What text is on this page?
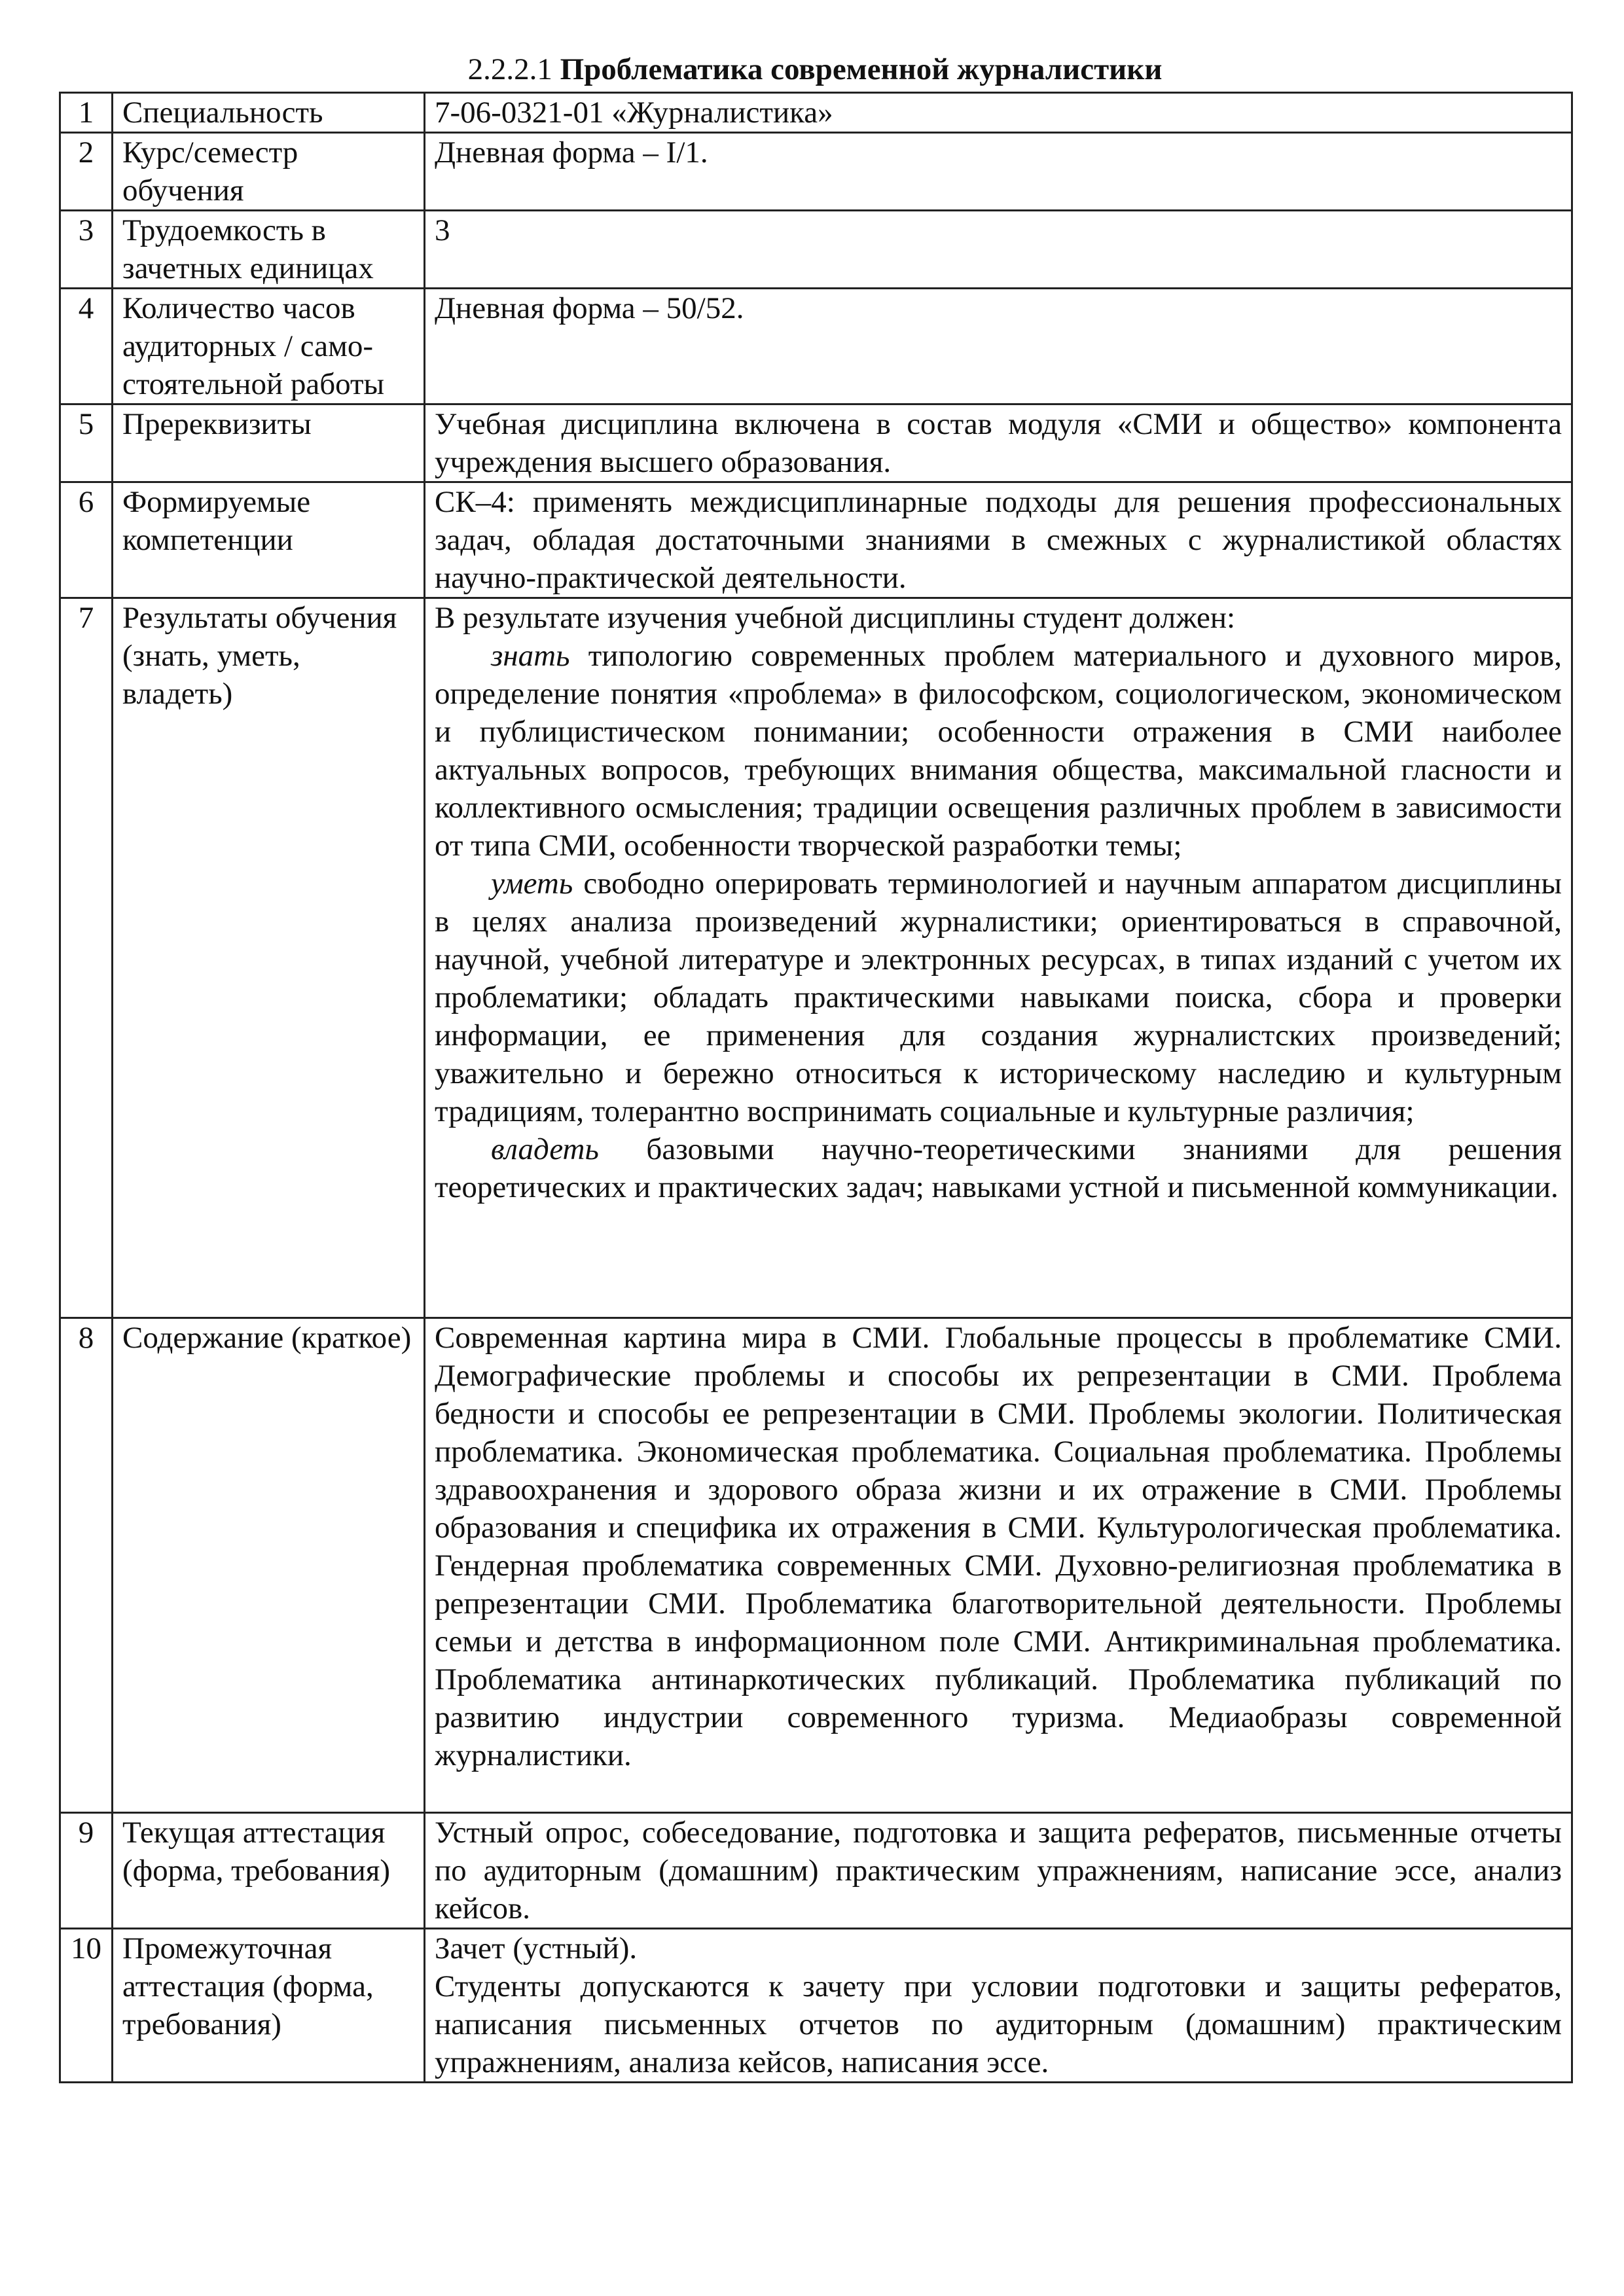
2.2.2.1 Проблематика современной журналистики
1	Специальность	7-06-0321-01 «Журналистика»

2	Курс/семестр обучения	Дневная форма – I/1.

3	Трудоемкость в зачетных единицах	3

4	Количество часов аудиторных / само-стоятельной работы	Дневная форма – 50/52.

5	Пререквизиты	Учебная дисциплина включена в состав модуля «СМИ и общество» компонента учреждения высшего образования.

6	Формируемые компетенции	СК–4: применять междисциплинарные подходы для решения профессиональных задач, обладая достаточными знаниями в смежных с журналистикой областях научно-практической деятельности.

7	Результаты обучения (знать, уметь, владеть)	В результате изучения учебной дисциплины студент должен:

знать типологию современных проблем материального и духовного миров, определение понятия «проблема» в философском, социологическом, экономическом и публицистическом понимании; особенности отражения в СМИ наиболее актуальных вопросов, требующих внимания общества, максимальной гласности и коллективного осмысления; традиции освещения различных проблем в зависимости от типа СМИ, особенности творческой разработки темы;

уметь свободно оперировать терминологией и научным аппаратом дисциплины в целях анализа произведений журналистики; ориентироваться в справочной, научной, учебной литературе и электронных ресурсах, в типах изданий с учетом их проблематики; обладать практическими навыками поиска, сбора и проверки информации, ее применения для создания журналистских произведений; уважительно и бережно относиться к историческому наследию и культурным традициям, толерантно воспринимать социальные и культурные различия;

владеть базовыми научно-теоретическими знаниями для решения теоретических и практических задач; навыками устной и письменной коммуникации.

8	Содержание (краткое)	Современная картина мира в СМИ. Глобальные процессы в проблематике СМИ. Демографические проблемы и способы их репрезентации в СМИ. Проблема бедности и способы ее репрезентации в СМИ. Проблемы экологии. Политическая проблематика. Экономическая проблематика. Социальная проблематика. Проблемы здравоохранения и здорового образа жизни и их отражение в СМИ. Проблемы образования и специфика их отражения в СМИ. Культурологическая проблематика. Гендерная проблематика современных СМИ. Духовно-религиозная проблематика в репрезентации СМИ. Проблематика благотворительной деятельности. Проблемы семьи и детства в информационном поле СМИ. Антикриминальная проблематика. Проблематика антинаркотических публикаций. Проблематика публикаций по развитию индустрии современного туризма. Медиаобразы современной журналистики.

9	Текущая аттестация (форма, требования)	Устный опрос, собеседование, подготовка и защита рефератов, письменные отчеты по аудиторным (домашним) практическим упражнениям, написание эссе, анализ кейсов.

10	Промежуточная аттестация (форма, требования)	Зачет (устный).

Студенты допускаются к зачету при условии подготовки и защиты рефератов, написания письменных отчетов по аудиторным (домашним) практическим упражнениям, анализа кейсов, написания эссе.
